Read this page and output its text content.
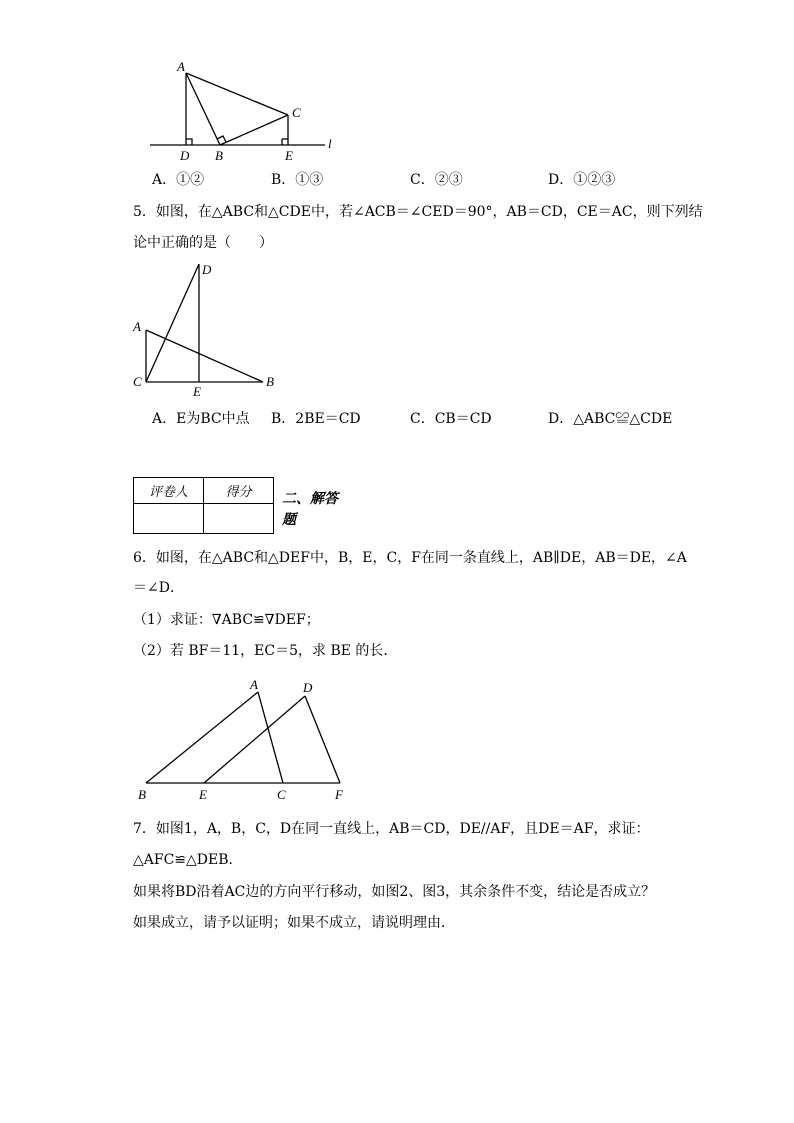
A
C
D B	E
l
A．①②	B．①③	C．②③	D．①②③
5．如图，在△ABC和△CDE中，若∠ACB＝∠CED＝90°，AB＝CD，CE＝AC，则下列结
论中正确的是（　　）
D
A
C
E
B
A．E为BC中点 B．2BE＝CD	C．CB＝CD	D．△ABC≌△CDE
评卷人	得分
	二、解答题
6．如图，在△ABC和△DEF中，B，E，C，F在同一条直线上，AB∥DE，AB＝DE，∠A
＝∠D．
（1）求证：∇ABC≌∇DEF；
（2）若 BF＝11，EC＝5，求 BE 的长．
A	D
B	E	C	F
7．如图1，A，B，C，D在同一直线上，AB＝CD，DE//AF，且DE＝AF，求证：
△AFC≌△DEB．
如果将BD沿着AC边的方向平行移动，如图2、图3，其余条件不变，结论是否成立？
如果成立，请予以证明；如果不成立，请说明理由．
